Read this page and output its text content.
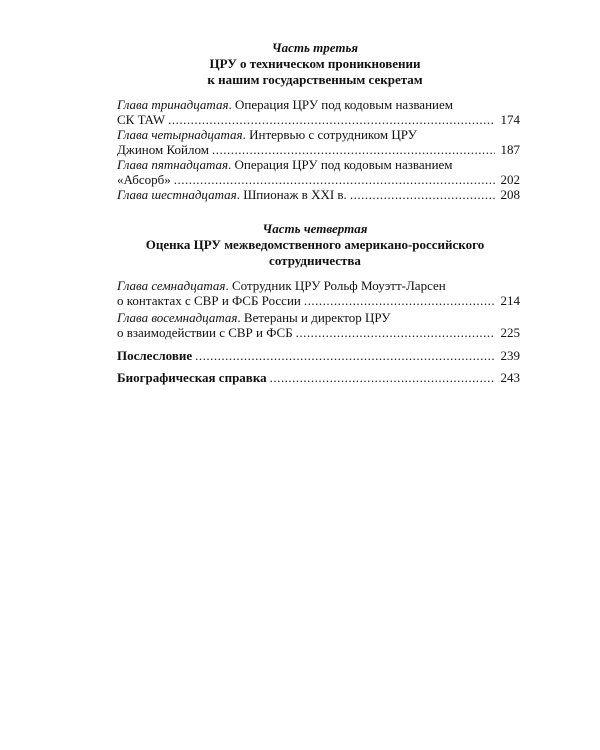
Часть третья
ЦРУ о техническом проникновении
к нашим государственным секретам
Глава тринадцатая . Операция ЦРУ под кодовым названием
СК TAW .....	174
Глава четырнадцатая . Интервью с сотрудником ЦРУ
Джином Койлом .....	187
Глава пятнадцатая . Операция ЦРУ под кодовым названием
«Абсорб» .....	202
Глава шестнадцатая . Шпионаж в XXI в. .....	208
Часть четвертая
Оценка ЦРУ межведомственного американо-российского
сотрудничества
Глава семнадцатая . Сотрудник ЦРУ Рольф Моуэтт-Ларсен
о контактах с СВР и ФСБ России .....	214
Глава восемнадцатая . Ветераны и директор ЦРУ
о взаимодействии с СВР и ФСБ .....	225
Послесловие .....	239
Биографическая справка .....	243
